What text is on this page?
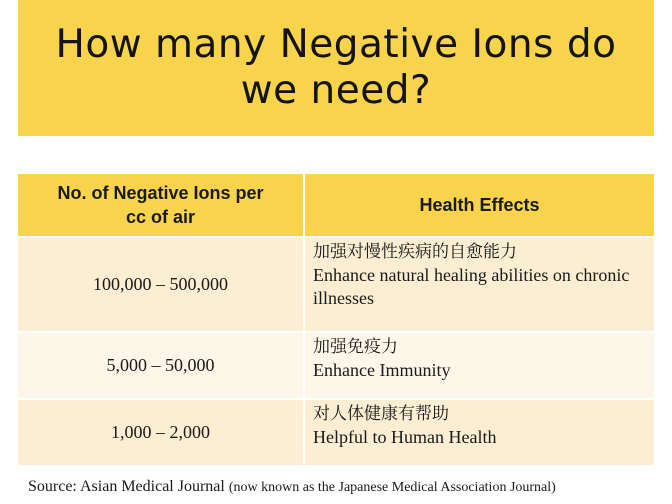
How many Negative Ions do we need?
No. of Negative Ions per cc of air	Health Effects
100,000 – 500,000	加强对慢性疾病的自愈能力
Enhance natural healing abilities on chronic illnesses

5,000 – 50,000	加强免疫力
Enhance Immunity

1,000 – 2,000	对人体健康有帮助
Helpful to Human Health
Source: Asian Medical Journal (now known as the Japanese Medical Association Journal)
